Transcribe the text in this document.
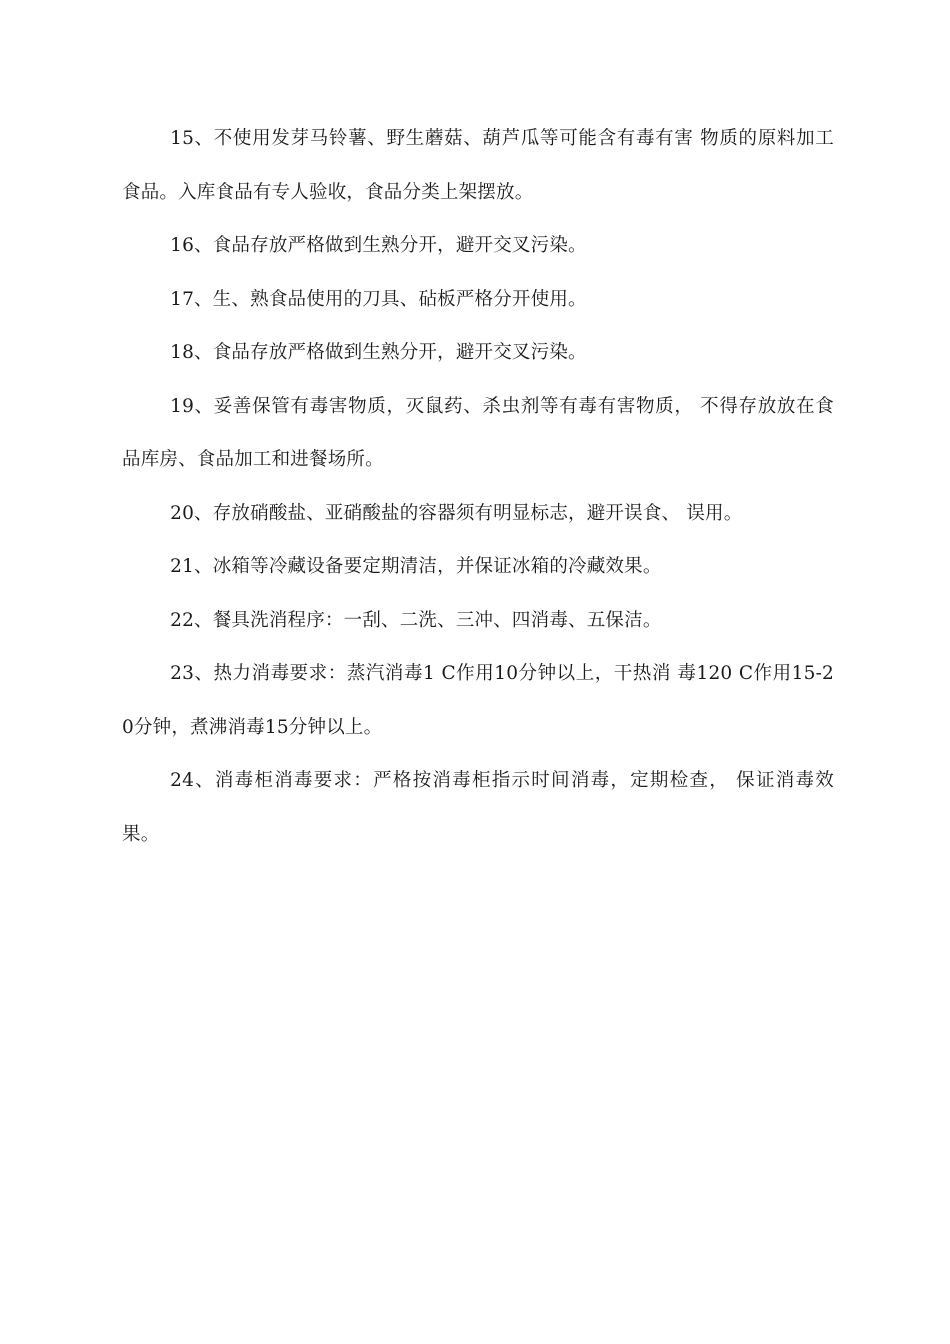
15、不使用发芽马铃薯、野生蘑菇、葫芦瓜等可能含有毒有害 物质的原料加工食品。入库食品有专人验收，食品分类上架摆放。

16、食品存放严格做到生熟分开，避开交叉污染。

17、生、熟食品使用的刀具、砧板严格分开使用。

18、食品存放严格做到生熟分开，避开交叉污染。

19、妥善保管有毒害物质，灭鼠药、杀虫剂等有毒有害物质， 不得存放放在食品库房、食品加工和进餐场所。

20、存放硝酸盐、亚硝酸盐的容器须有明显标志，避开误食、 误用。

21、冰箱等冷藏设备要定期清洁，并保证冰箱的冷藏效果。

22、餐具洗消程序：一刮、二洗、三冲、四消毒、五保洁。

23、热力消毒要求：蒸汽消毒1 C作用10分钟以上，干热消 毒120 C作用15-2 0分钟，煮沸消毒15分钟以上。

24、消毒柜消毒要求：严格按消毒柜指示时间消毒，定期检查， 保证消毒效果。
